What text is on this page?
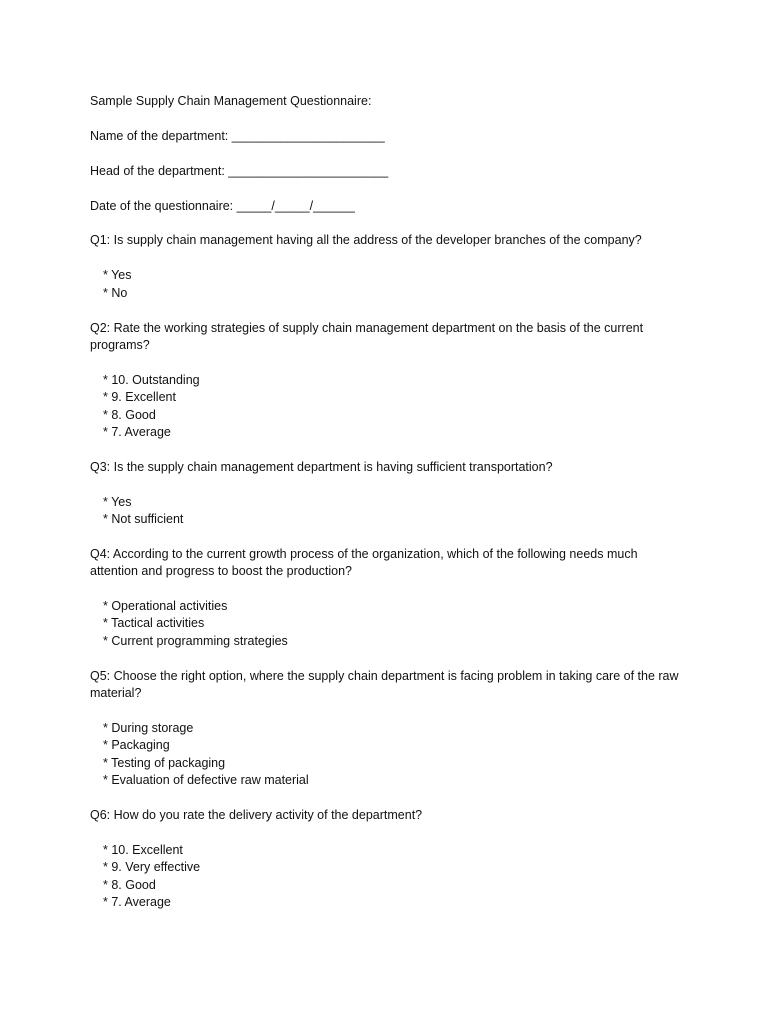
Sample Supply Chain Management Questionnaire:
Name of the department: ______________________
Head of the department: _______________________
Date of the questionnaire: _____/_____/______
Q1: Is supply chain management having all the address of the developer branches of the company?
* Yes
* No
Q2: Rate the working strategies of supply chain management department on the basis of the current programs?
* 10. Outstanding
* 9. Excellent
* 8. Good
* 7. Average
Q3: Is the supply chain management department is having sufficient transportation?
* Yes
* Not sufficient
Q4: According to the current growth process of the organization, which of the following needs much attention and progress to boost the production?
* Operational activities
* Tactical activities
* Current programming strategies
Q5: Choose the right option, where the supply chain department is facing problem in taking care of the raw material?
* During storage
* Packaging
* Testing of packaging
* Evaluation of defective raw material
Q6: How do you rate the delivery activity of the department?
* 10. Excellent
* 9. Very effective
* 8. Good
* 7. Average
